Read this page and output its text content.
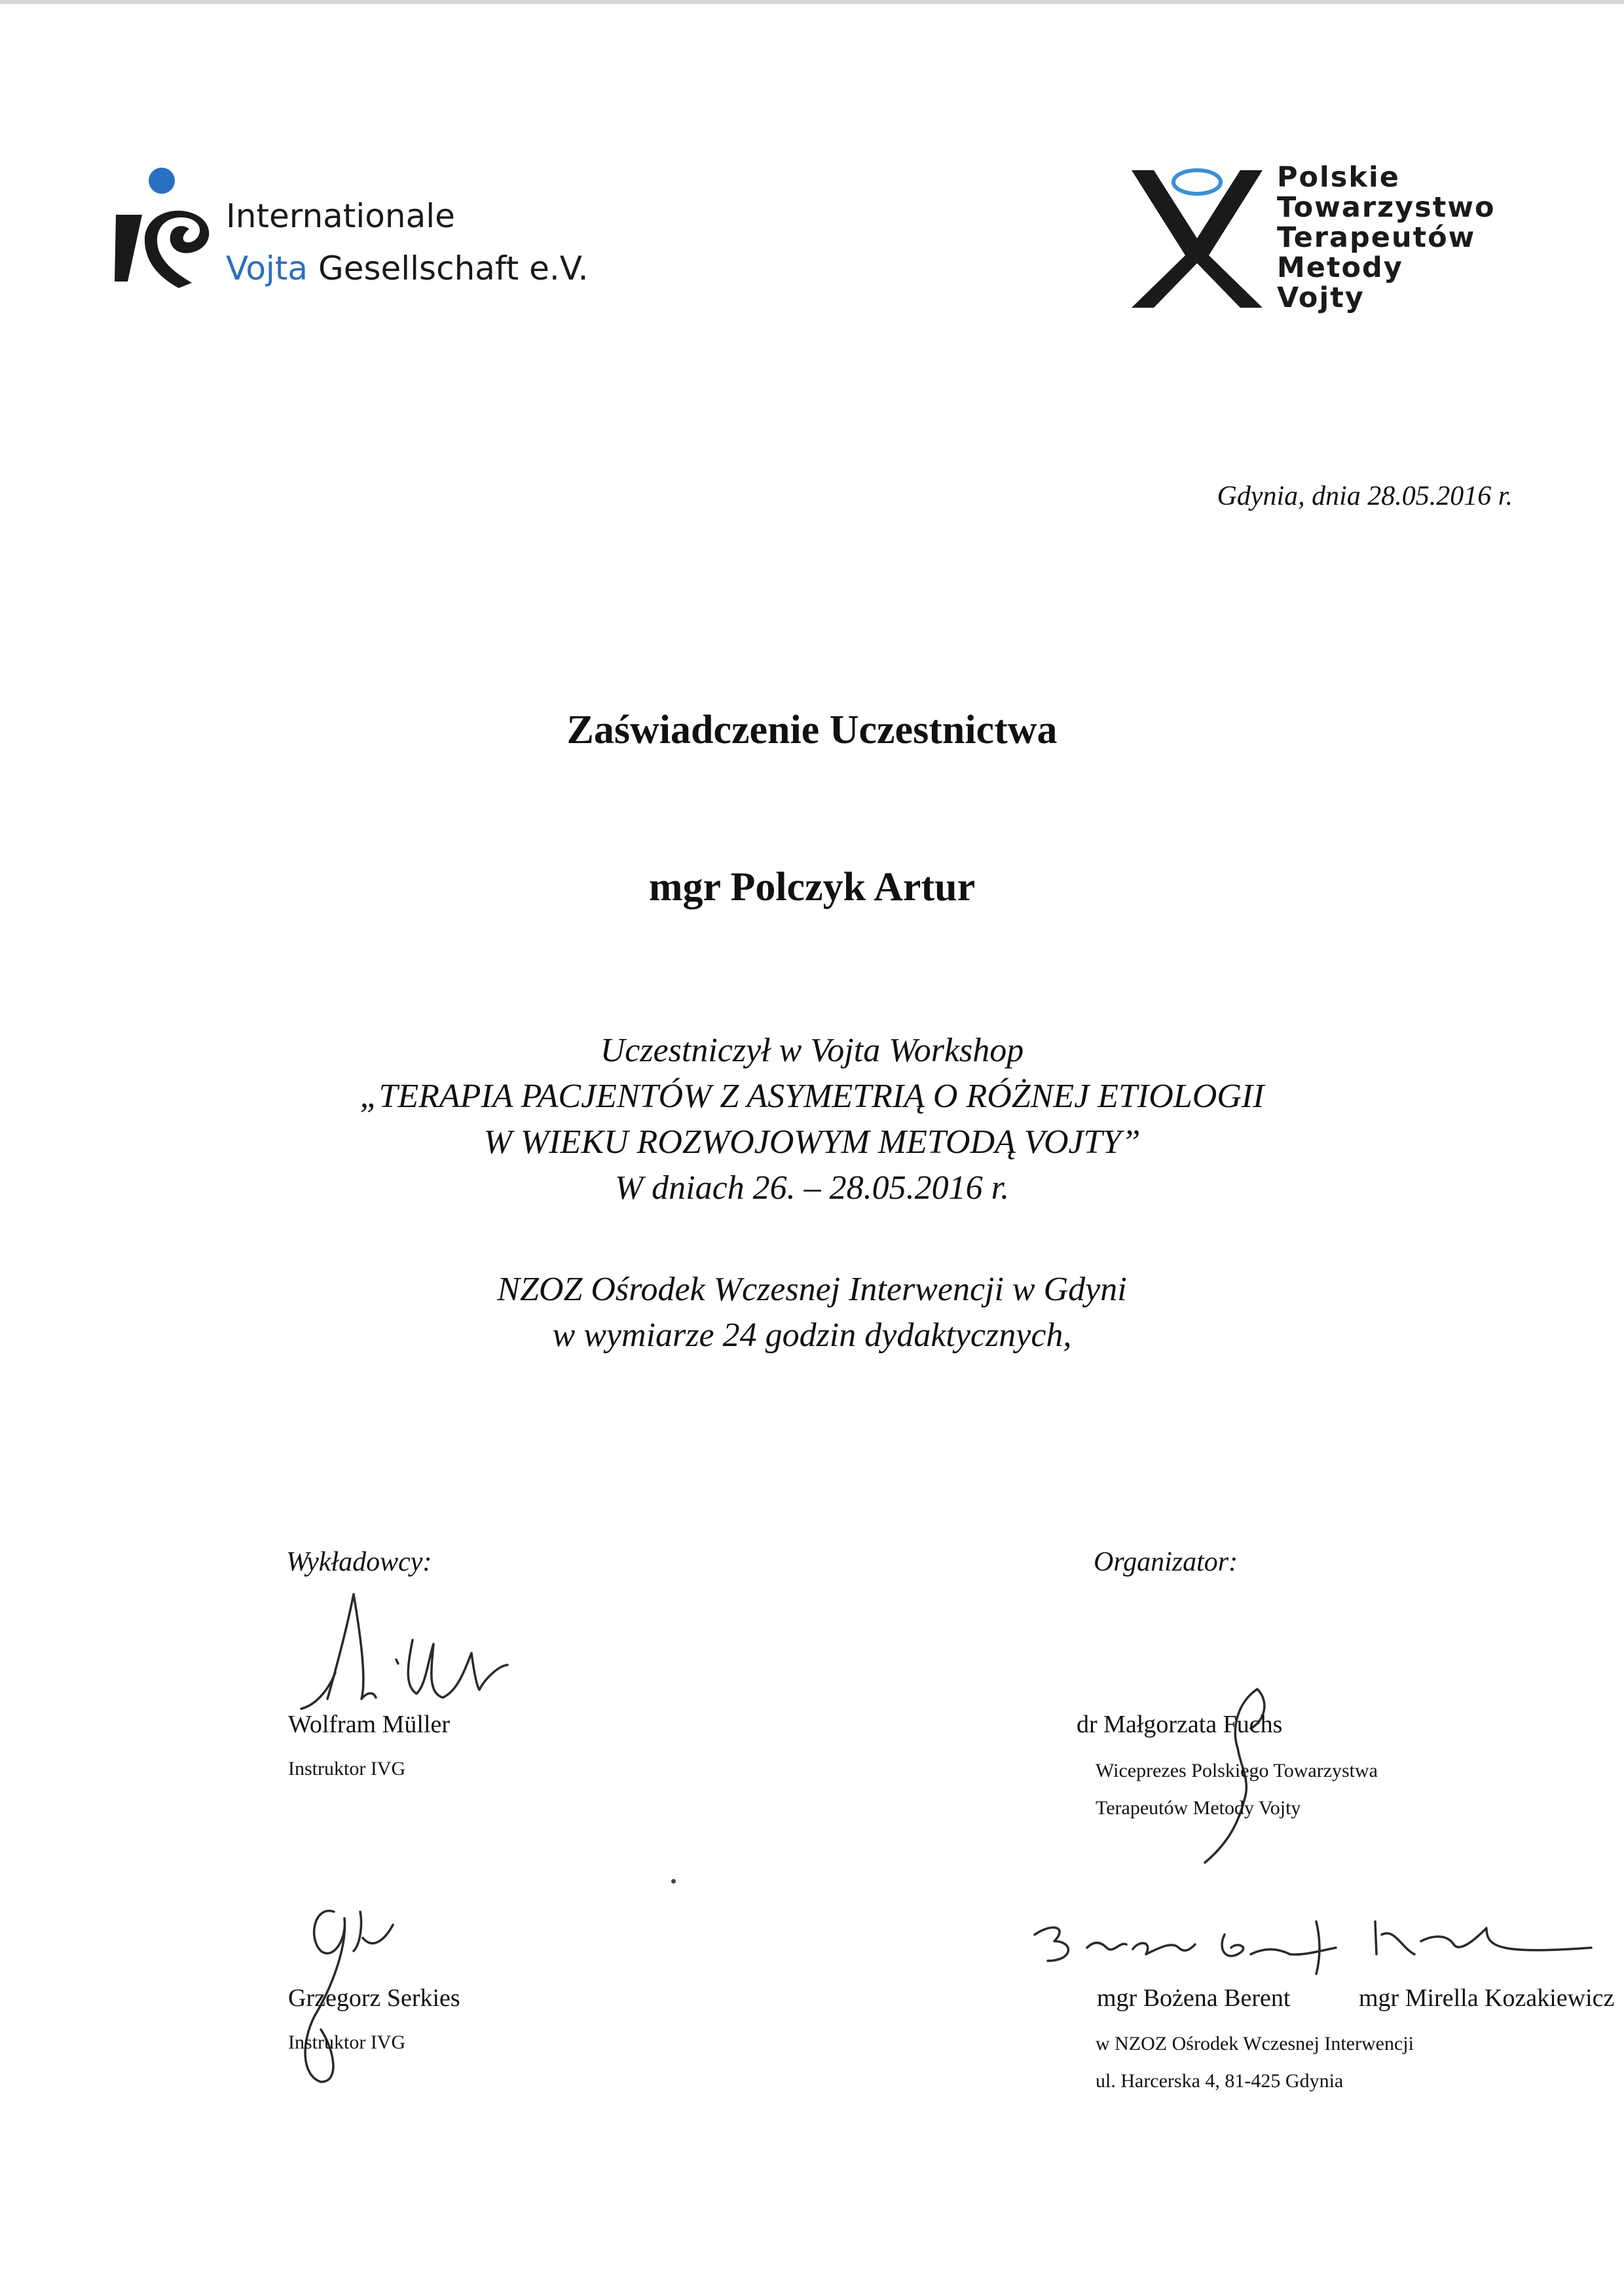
Internationale
Vojta Gesellschaft e.V.
Polskie
Towarzystwo
Terapeutów
Metody
Vojty
Gdynia, dnia 28.05.2016 r.
Zaświadczenie Uczestnictwa
mgr Polczyk Artur
Uczestniczył w Vojta Workshop
„TERAPIA PACJENTÓW Z ASYMETRIĄ O RÓŻNEJ ETIOLOGII
W WIEKU ROZWOJOWYM METODĄ VOJTY”
W dniach 26. – 28.05.2016 r.
NZOZ Ośrodek Wczesnej Interwencji w Gdyni
w wymiarze 24 godzin dydaktycznych,
Wykładowcy:
Wolfram Müller
Instruktor IVG
Grzegorz Serkies
Instruktor IVG
Organizator:
dr Małgorzata Fuchs
Wiceprezes Polskiego Towarzystwa
Terapeutów Metody Vojty
mgr Bożena Berent	mgr Mirella Kozakiewicz
w NZOZ Ośrodek Wczesnej Interwencji
ul. Harcerska 4, 81-425 Gdynia
